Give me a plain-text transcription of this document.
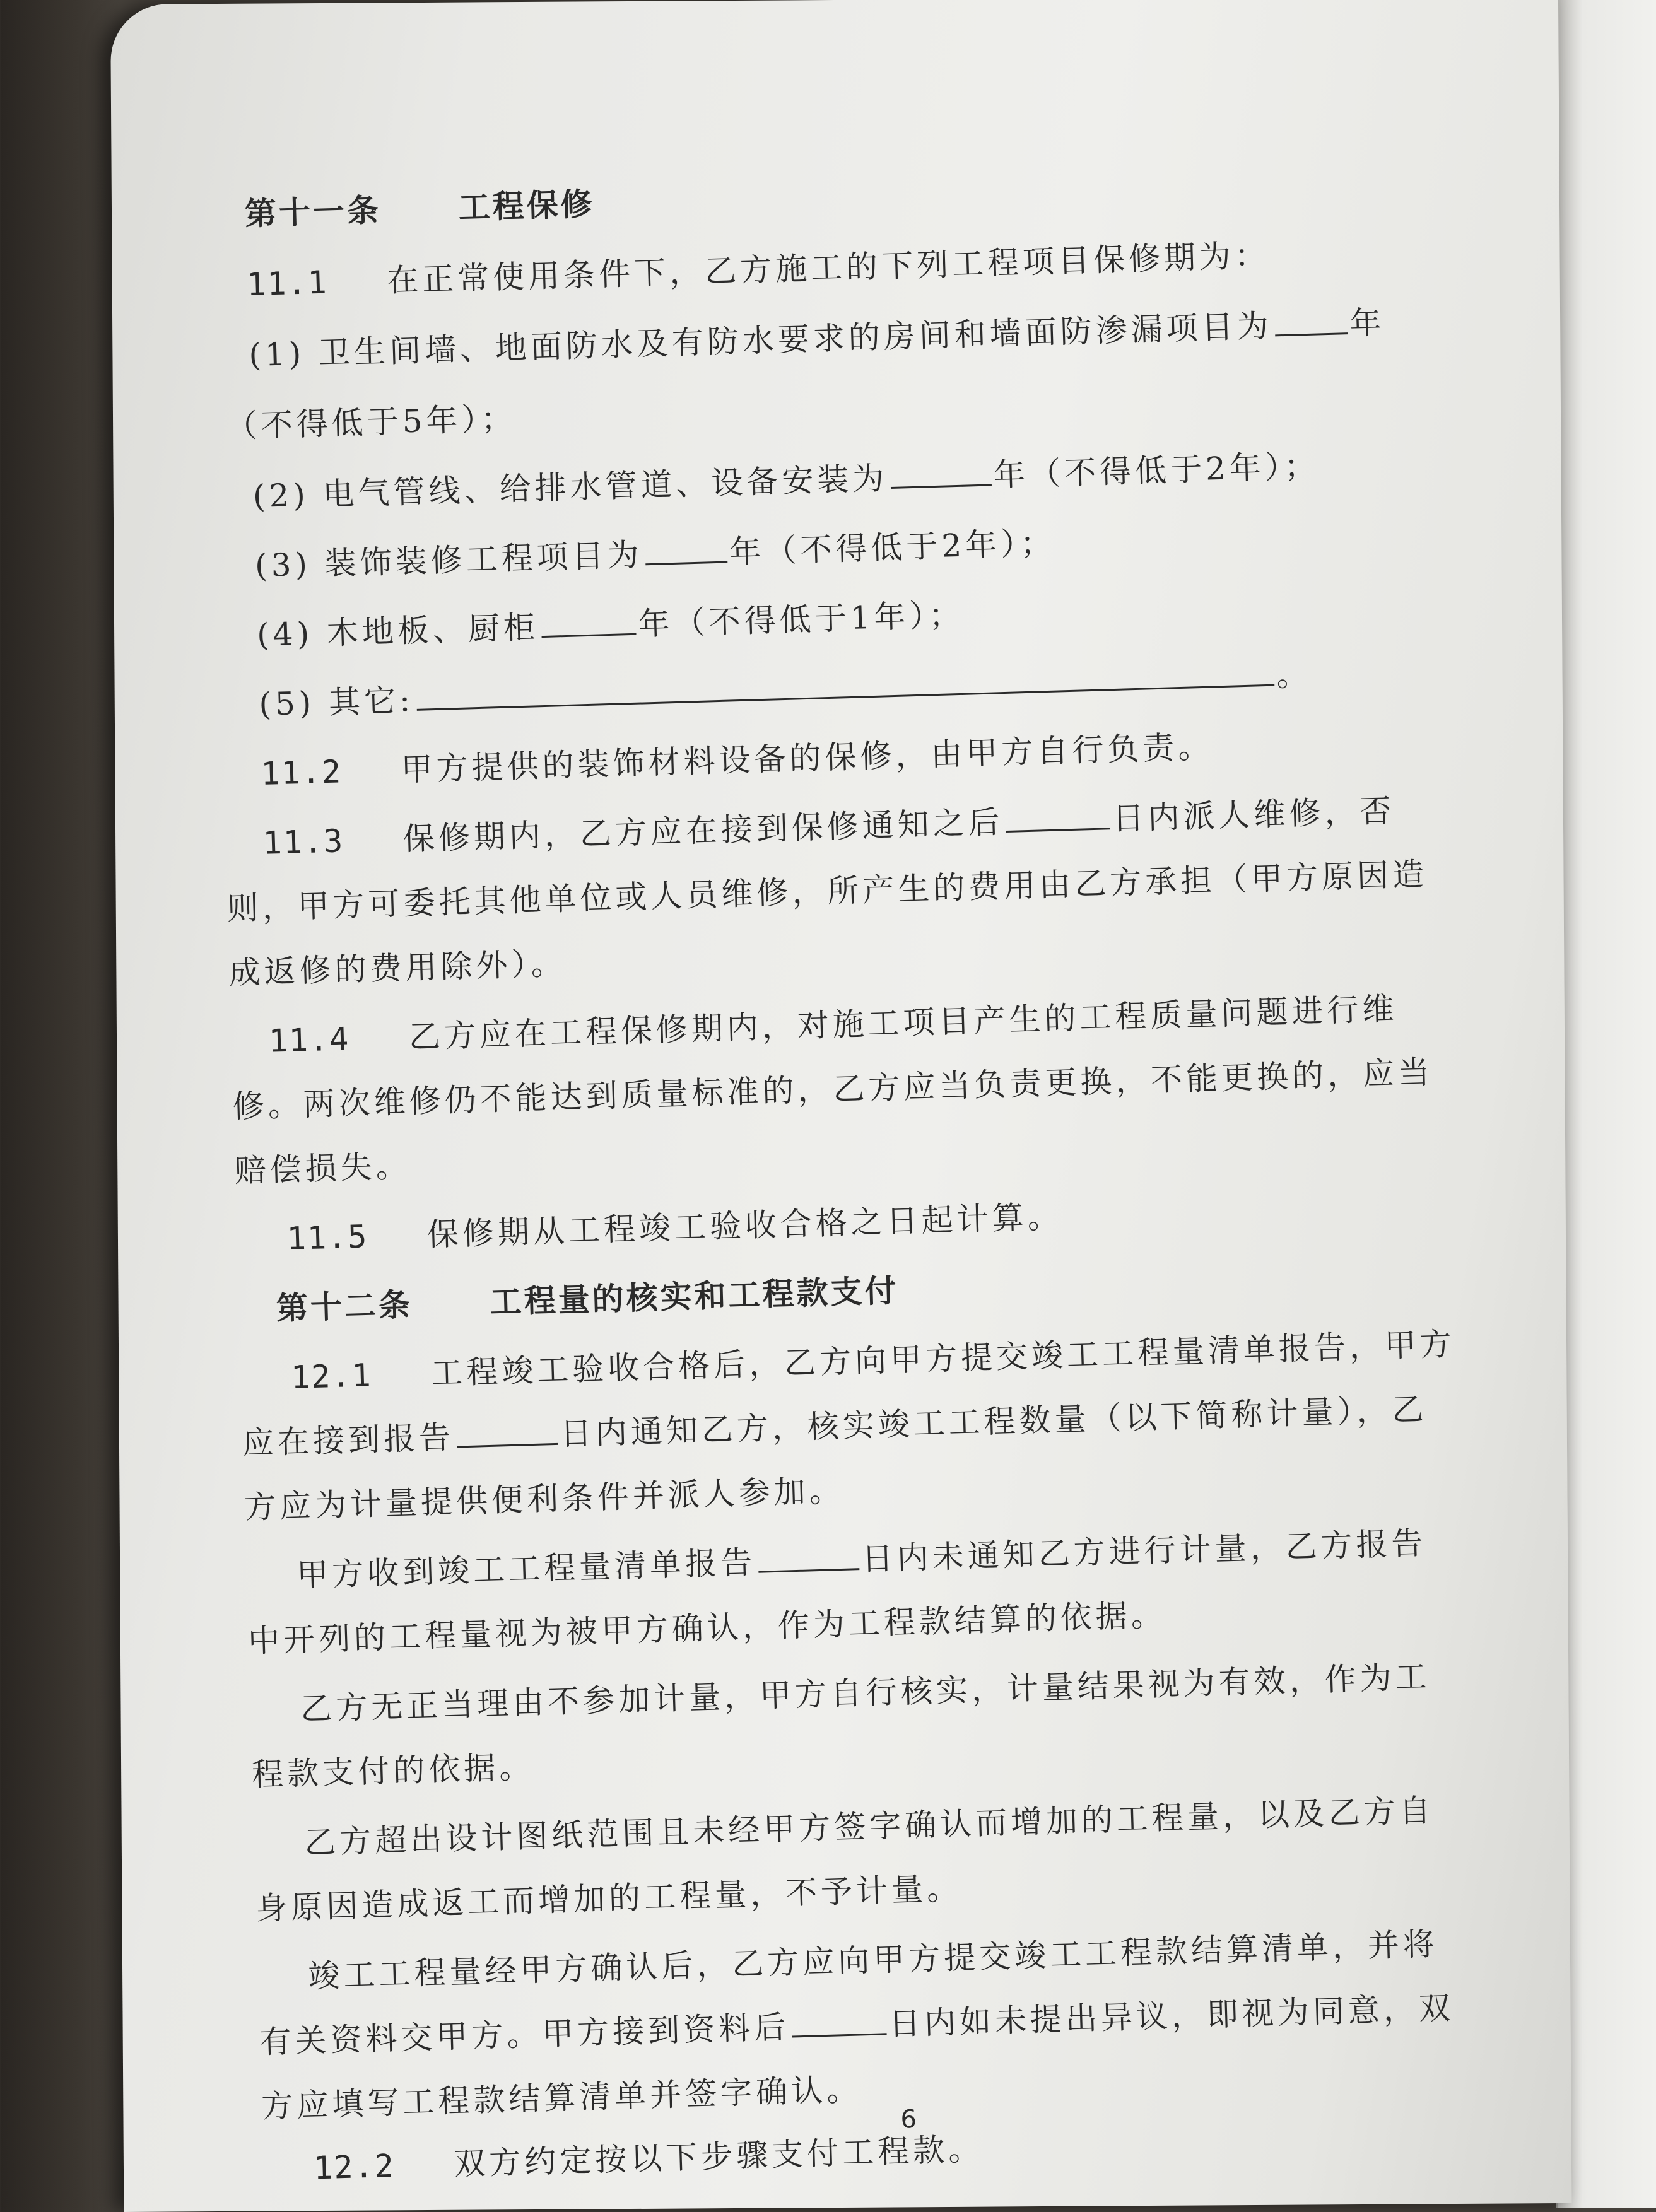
第十一条 工程保修
11.1 在正常使用条件下，乙方施工的下列工程项目保修期为：
(1) 卫生间墙、地面防水及有防水要求的房间和墙面防渗漏项目为 年
（不得低于5年）；
(2) 电气管线、给排水管道、设备安装为	年（不得低于2年）；
(3) 装饰装修工程项目为	年（不得低于2年）；
(4) 木地板、厨柜	年（不得低于1年）；
(5) 其它:。
11.2 甲方提供的装饰材料设备的保修，由甲方自行负责。
11.3 保修期内，乙方应在接到保修通知之后	日内派人维修，否
则，甲方可委托其他单位或人员维修，所产生的费用由乙方承担（甲方原因造
成返修的费用除外）。
11.4 乙方应在工程保修期内，对施工项目产生的工程质量问题进行维
修。两次维修仍不能达到质量标准的，乙方应当负责更换，不能更换的，应当
赔偿损失。
11.5 保修期从工程竣工验收合格之日起计算。
第十二条 工程量的核实和工程款支付
12.1 工程竣工验收合格后，乙方向甲方提交竣工工程量清单报告，甲方
应在接到报告	日内通知乙方，核实竣工工程数量（以下简称计量），乙
方应为计量提供便利条件并派人参加。
甲方收到竣工工程量清单报告	日内未通知乙方进行计量，乙方报告
中开列的工程量视为被甲方确认，作为工程款结算的依据。
乙方无正当理由不参加计量，甲方自行核实，计量结果视为有效，作为工
程款支付的依据。
乙方超出设计图纸范围且未经甲方签字确认而增加的工程量，以及乙方自
身原因造成返工而增加的工程量，不予计量。
竣工工程量经甲方确认后，乙方应向甲方提交竣工工程款结算清单，并将
有关资料交甲方。甲方接到资料后	日内如未提出异议，即视为同意，双
方应填写工程款结算清单并签字确认。
12.2 双方约定按以下步骤支付工程款。
6
